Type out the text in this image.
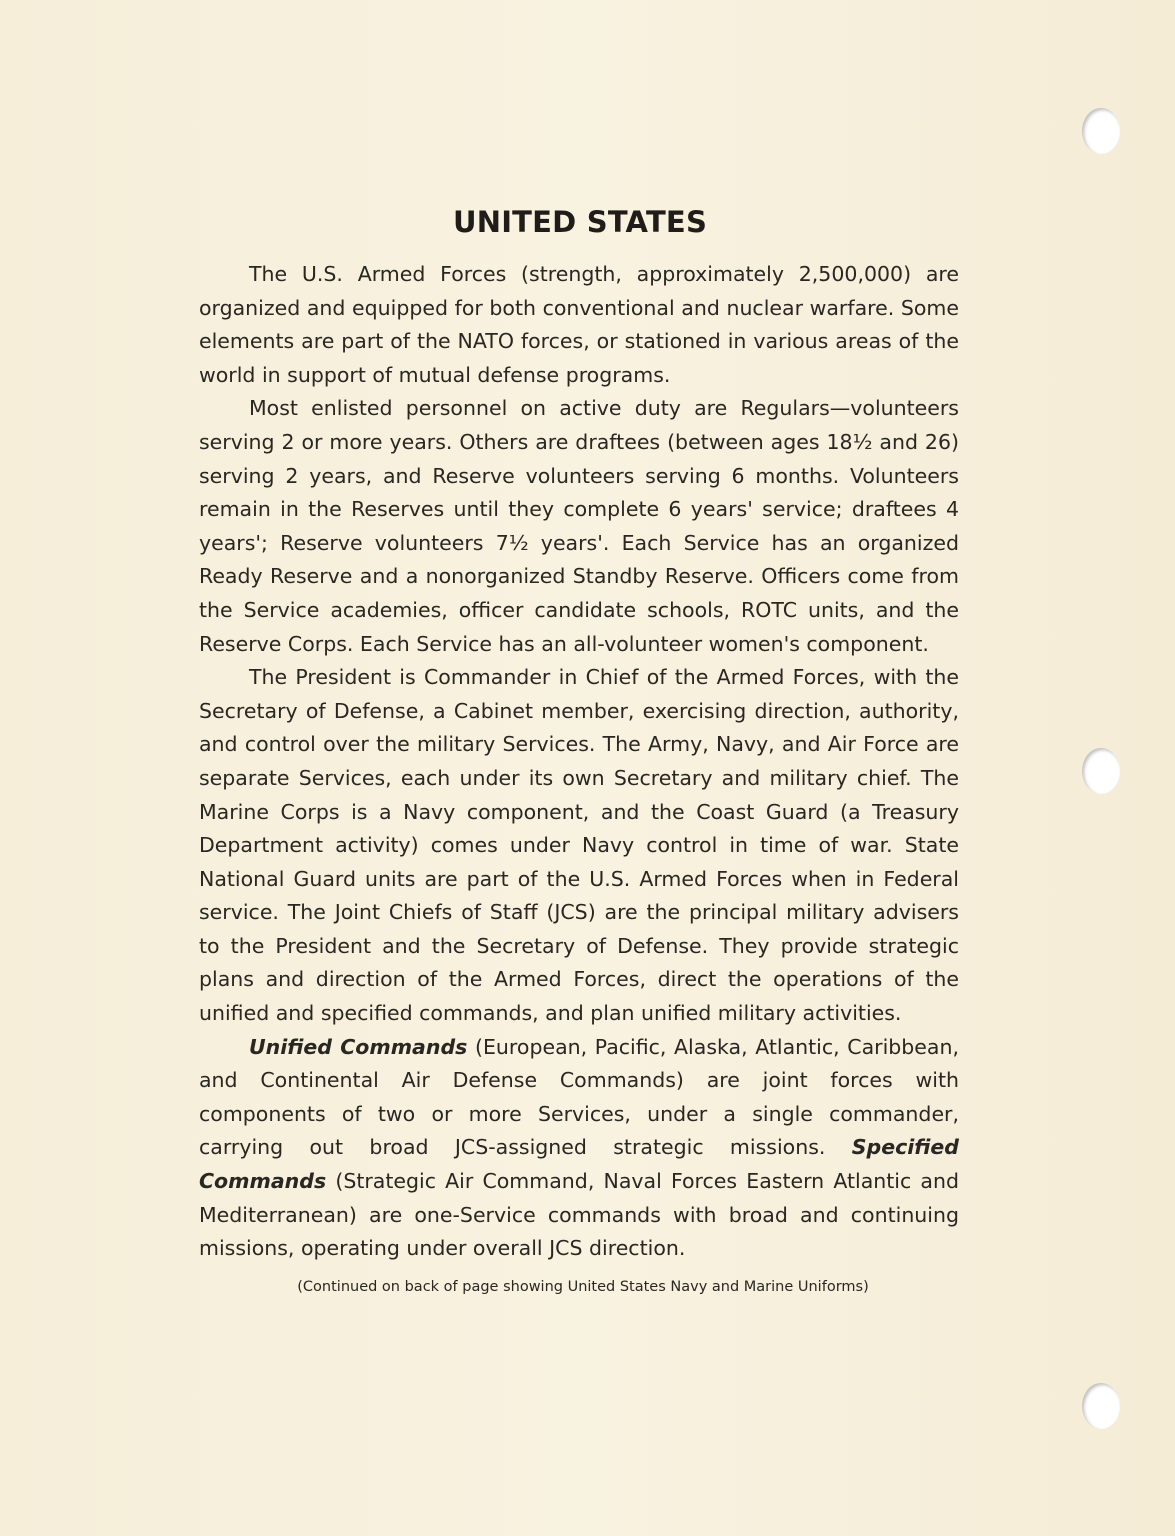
UNITED STATES

The U.S. Armed Forces (strength, approximately 2,500,000) are organized and equipped for both conventional and nuclear warfare. Some elements are part of the NATO forces, or stationed in various areas of the world in support of mutual defense programs.

Most enlisted personnel on active duty are Regulars—volunteers serving 2 or more years. Others are draftees (between ages 18½ and 26) serving 2 years, and Reserve volunteers serving 6 months. Volunteers remain in the Reserves until they complete 6 years' service; draftees 4 years'; Reserve volunteers 7½ years'. Each Service has an organized Ready Reserve and a nonorganized Standby Reserve. Officers come from the Service academies, officer candidate schools, ROTC units, and the Reserve Corps. Each Service has an all-volunteer women's component.

The President is Commander in Chief of the Armed Forces, with the Secretary of Defense, a Cabinet member, exercising direction, authority, and control over the military Services. The Army, Navy, and Air Force are separate Services, each under its own Secretary and military chief. The Marine Corps is a Navy component, and the Coast Guard (a Treasury Department activity) comes under Navy control in time of war. State National Guard units are part of the U.S. Armed Forces when in Federal service. The Joint Chiefs of Staff (JCS) are the principal military advisers to the President and the Secretary of Defense. They provide strategic plans and direction of the Armed Forces, direct the operations of the unified and specified commands, and plan unified military activities.

Unified Commands (European, Pacific, Alaska, Atlantic, Caribbean, and Continental Air Defense Commands) are joint forces with components of two or more Services, under a single commander, carrying out broad JCS-assigned strategic missions. Specified Commands (Strategic Air Command, Naval Forces Eastern Atlantic and Mediterranean) are one-Service commands with broad and continuing missions, operating under overall JCS direction.

(Continued on back of page showing United States Navy and Marine Uniforms)
